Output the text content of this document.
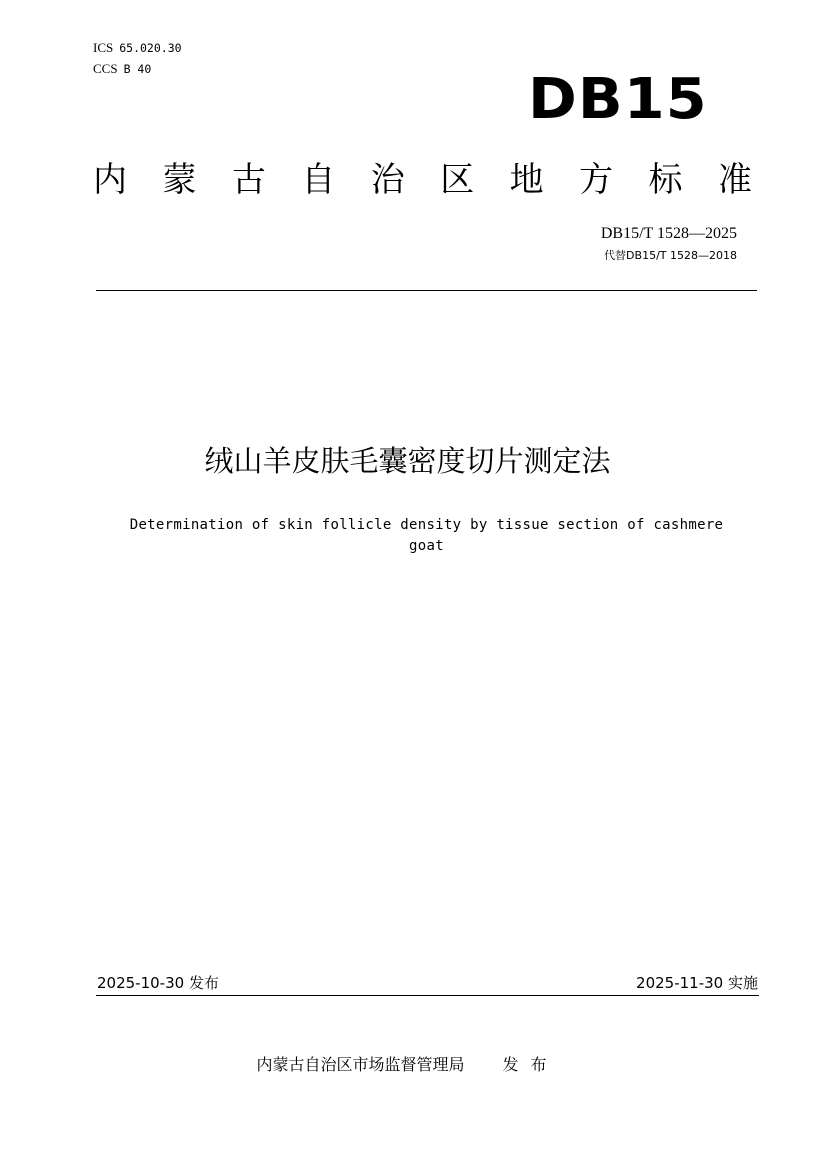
ICS 65.020.30
CCS B 40	DB15
内 蒙 古 自 治 区 地 方 标 准
DB15/T 1528—2025
代替DB15/T 1528—2018
绒山羊皮肤毛囊密度切片测定法
Determination of skin follicle density by tissue section of cashmere
goat
2025-10-30 发布	2025-11-30 实施
内蒙古自治区市场监督管理局 发布
